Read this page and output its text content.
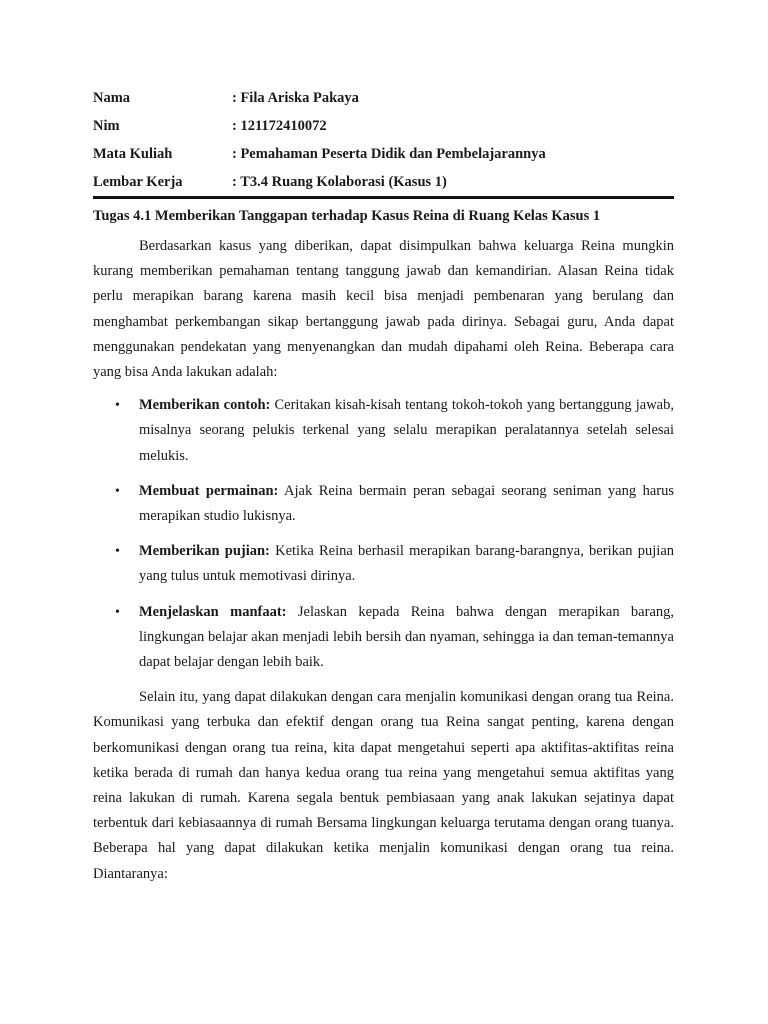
Nama	: Fila Ariska Pakaya
Nim	: 121172410072
Mata Kuliah	: Pemahaman Peserta Didik dan Pembelajarannya
Lembar Kerja	: T3.4 Ruang Kolaborasi (Kasus 1)
Tugas 4.1 Memberikan Tanggapan terhadap Kasus Reina di Ruang Kelas Kasus 1

Berdasarkan kasus yang diberikan, dapat disimpulkan bahwa keluarga Reina mungkin kurang memberikan pemahaman tentang tanggung jawab dan kemandirian. Alasan Reina tidak perlu merapikan barang karena masih kecil bisa menjadi pembenaran yang berulang dan menghambat perkembangan sikap bertanggung jawab pada dirinya. Sebagai guru, Anda dapat menggunakan pendekatan yang menyenangkan dan mudah dipahami oleh Reina. Beberapa cara yang bisa Anda lakukan adalah:

• Memberikan contoh: Ceritakan kisah-kisah tentang tokoh-tokoh yang bertanggung jawab, misalnya seorang pelukis terkenal yang selalu merapikan peralatannya setelah selesai melukis.
• Membuat permainan: Ajak Reina bermain peran sebagai seorang seniman yang harus merapikan studio lukisnya.
• Memberikan pujian: Ketika Reina berhasil merapikan barang-barangnya, berikan pujian yang tulus untuk memotivasi dirinya.
• Menjelaskan manfaat: Jelaskan kepada Reina bahwa dengan merapikan barang, lingkungan belajar akan menjadi lebih bersih dan nyaman, sehingga ia dan teman-temannya dapat belajar dengan lebih baik.

Selain itu, yang dapat dilakukan dengan cara menjalin komunikasi dengan orang tua Reina. Komunikasi yang terbuka dan efektif dengan orang tua Reina sangat penting, karena dengan berkomunikasi dengan orang tua reina, kita dapat mengetahui seperti apa aktifitas-aktifitas reina ketika berada di rumah dan hanya kedua orang tua reina yang mengetahui semua aktifitas yang reina lakukan di rumah. Karena segala bentuk pembiasaan yang anak lakukan sejatinya dapat terbentuk dari kebiasaannya di rumah Bersama lingkungan keluarga terutama dengan orang tuanya. Beberapa hal yang dapat dilakukan ketika menjalin komunikasi dengan orang tua reina. Diantaranya:
